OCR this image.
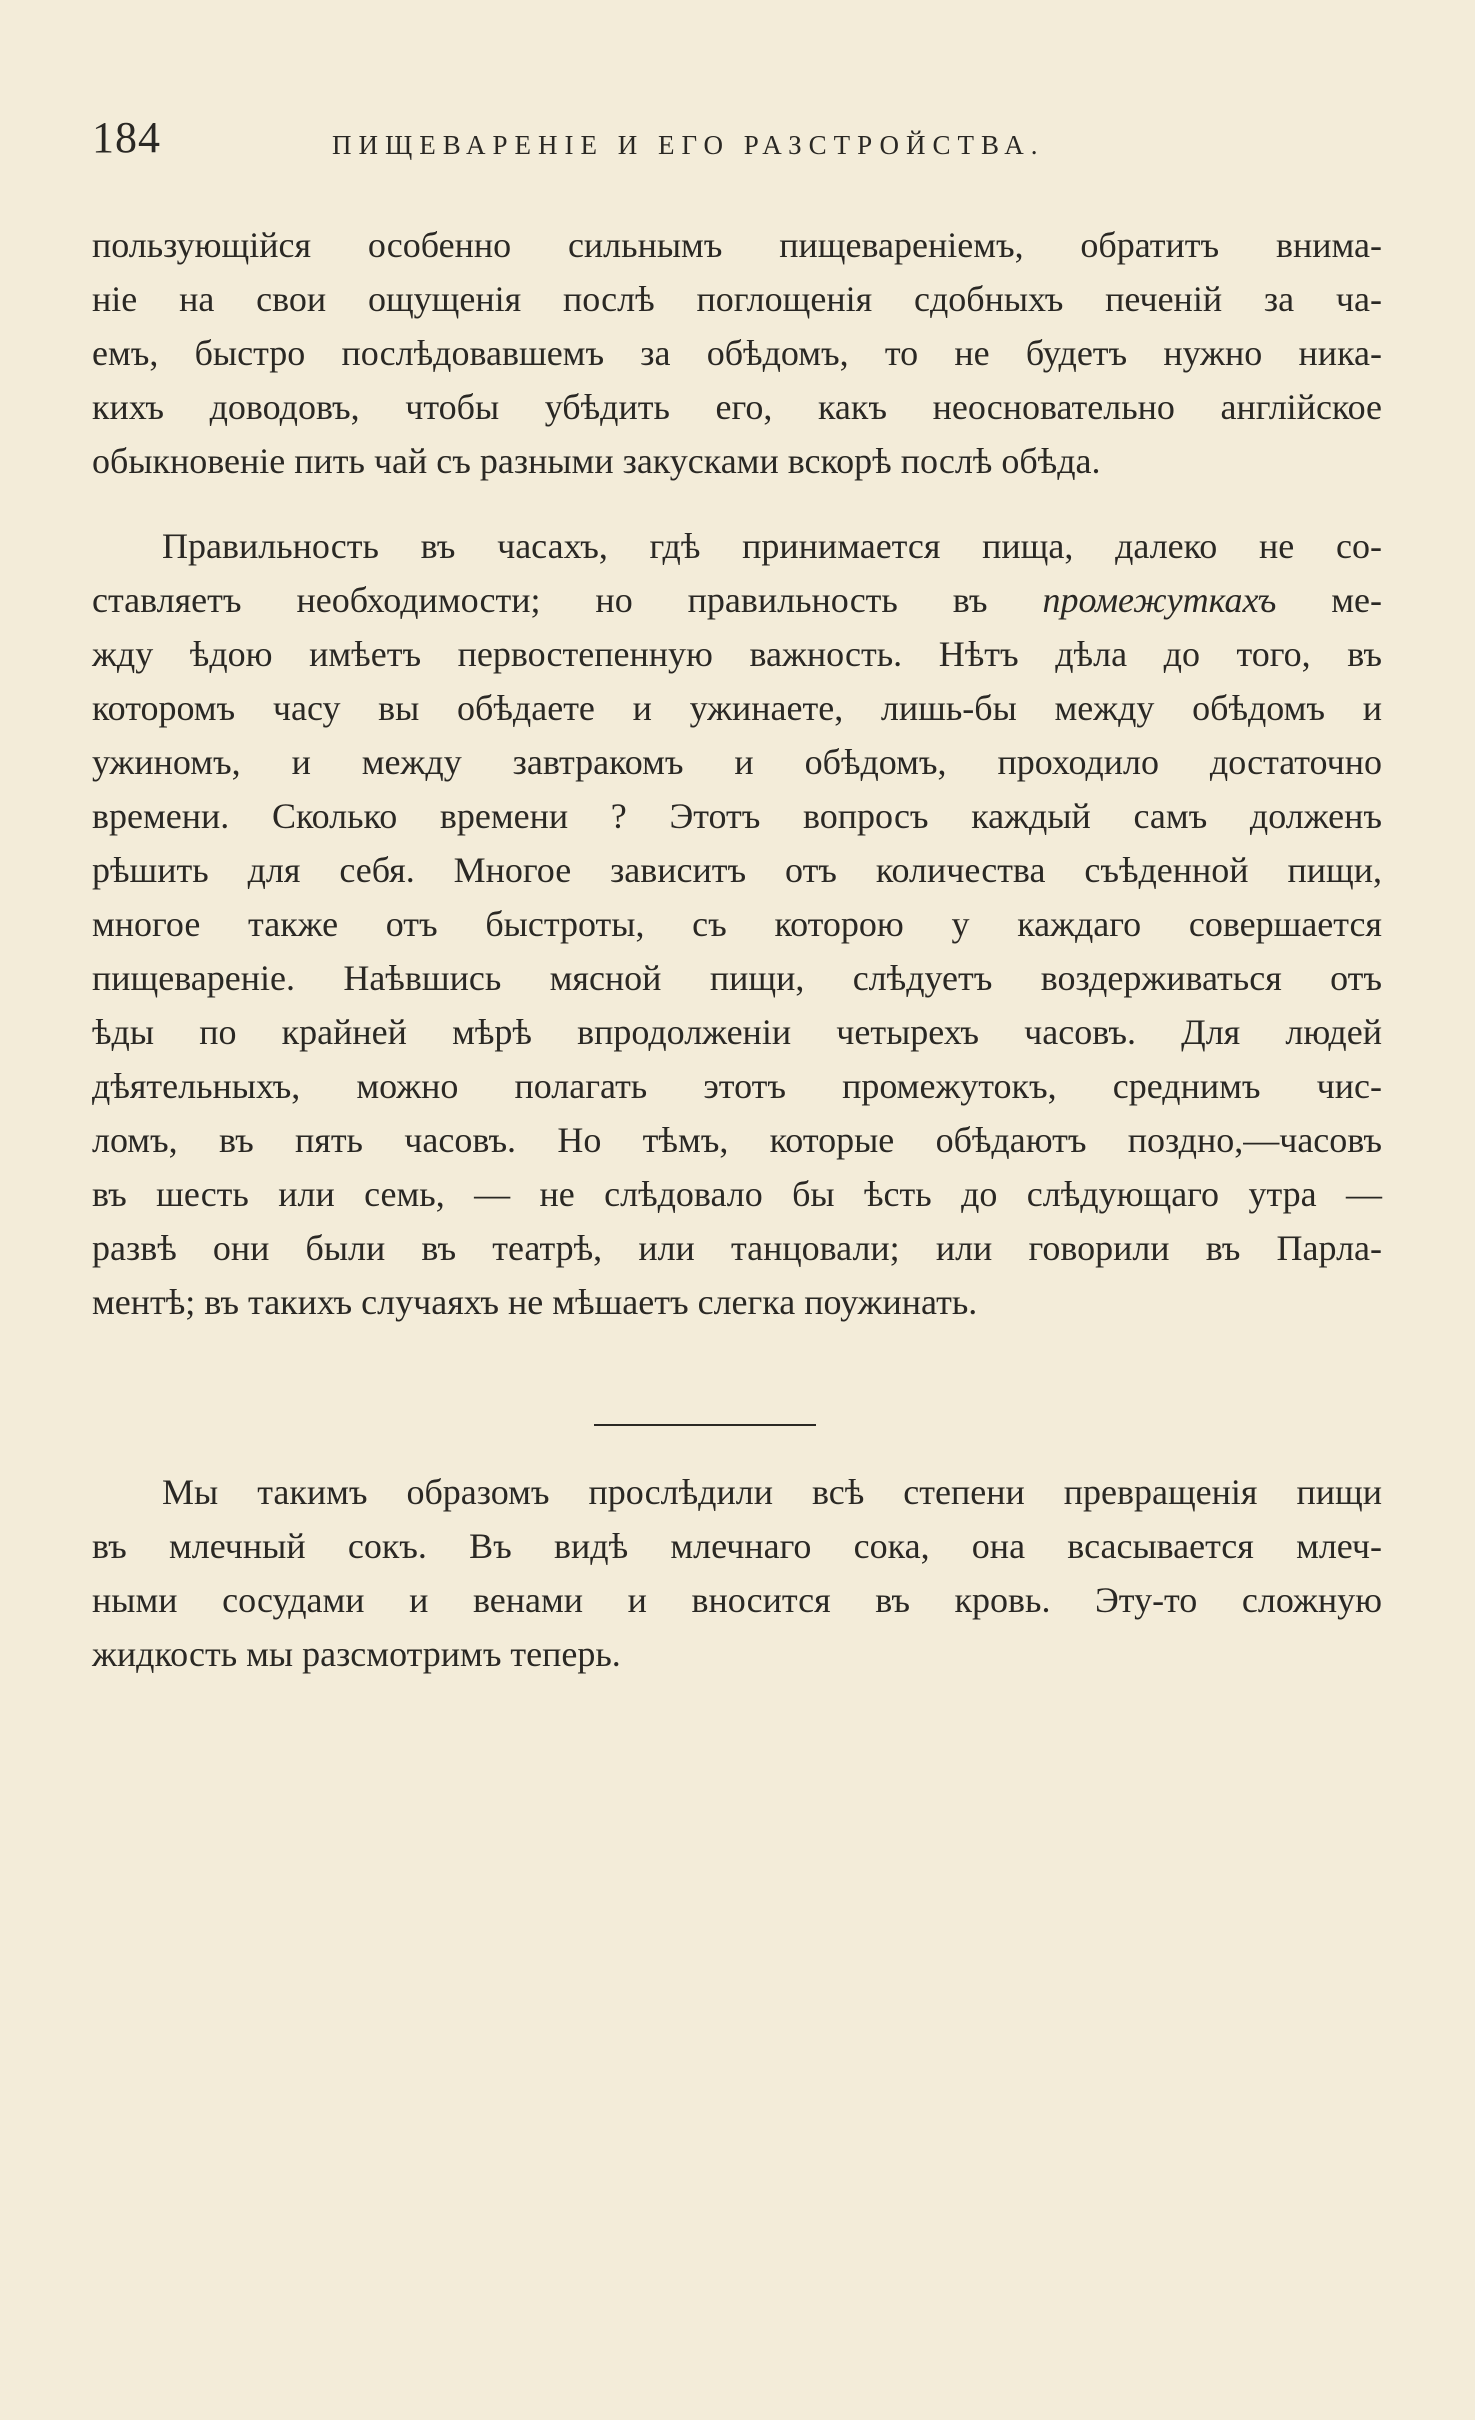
184	ПИЩЕВАРЕНІЕ И ЕГО РАЗСТРОЙСТВА.
пользующійся особенно сильнымъ пищевареніемъ, обратитъ внима-
ніе на свои ощущенія послѣ поглощенія сдобныхъ печеній за ча-
емъ, быстро послѣдовавшемъ за обѣдомъ, то не будетъ нужно ника-
кихъ доводовъ, чтобы убѣдить его, какъ неосновательно англійское
обыкновеніе пить чай съ разными закусками вскорѣ послѣ обѣда.
Правильность въ часахъ, гдѣ принимается пища, далеко не со-
ставляетъ необходимости; но правильность въ промежуткахъ ме-
жду ѣдою имѣетъ первостепенную важность. Нѣтъ дѣла до того, въ
которомъ часу вы обѣдаете и ужинаете, лишь-бы между обѣдомъ и
ужиномъ, и между завтракомъ и обѣдомъ, проходило достаточно
времени. Сколько времени ? Этотъ вопросъ каждый самъ долженъ
рѣшить для себя. Многое зависитъ отъ количества съѣденной пищи,
многое также отъ быстроты, съ которою у каждаго совершается
пищевареніе. Наѣвшись мясной пищи, слѣдуетъ воздерживаться отъ
ѣды по крайней мѣрѣ впродолженіи четырехъ часовъ. Для людей
дѣятельныхъ, можно полагать этотъ промежутокъ, среднимъ чис-
ломъ, въ пять часовъ. Но тѣмъ, которые обѣдаютъ поздно,—часовъ
въ шесть или семь, — не слѣдовало бы ѣсть до слѣдующаго утра —
развѣ они были въ театрѣ, или танцовали; или говорили въ Парла-
ментѣ; въ такихъ случаяхъ не мѣшаетъ слегка поужинать.
Мы такимъ образомъ прослѣдили всѣ степени превращенія пищи
въ млечный сокъ. Въ видѣ млечнаго сока, она всасывается млеч-
ными сосудами и венами и вносится въ кровь. Эту-то сложную
жидкость мы разсмотримъ теперь.
